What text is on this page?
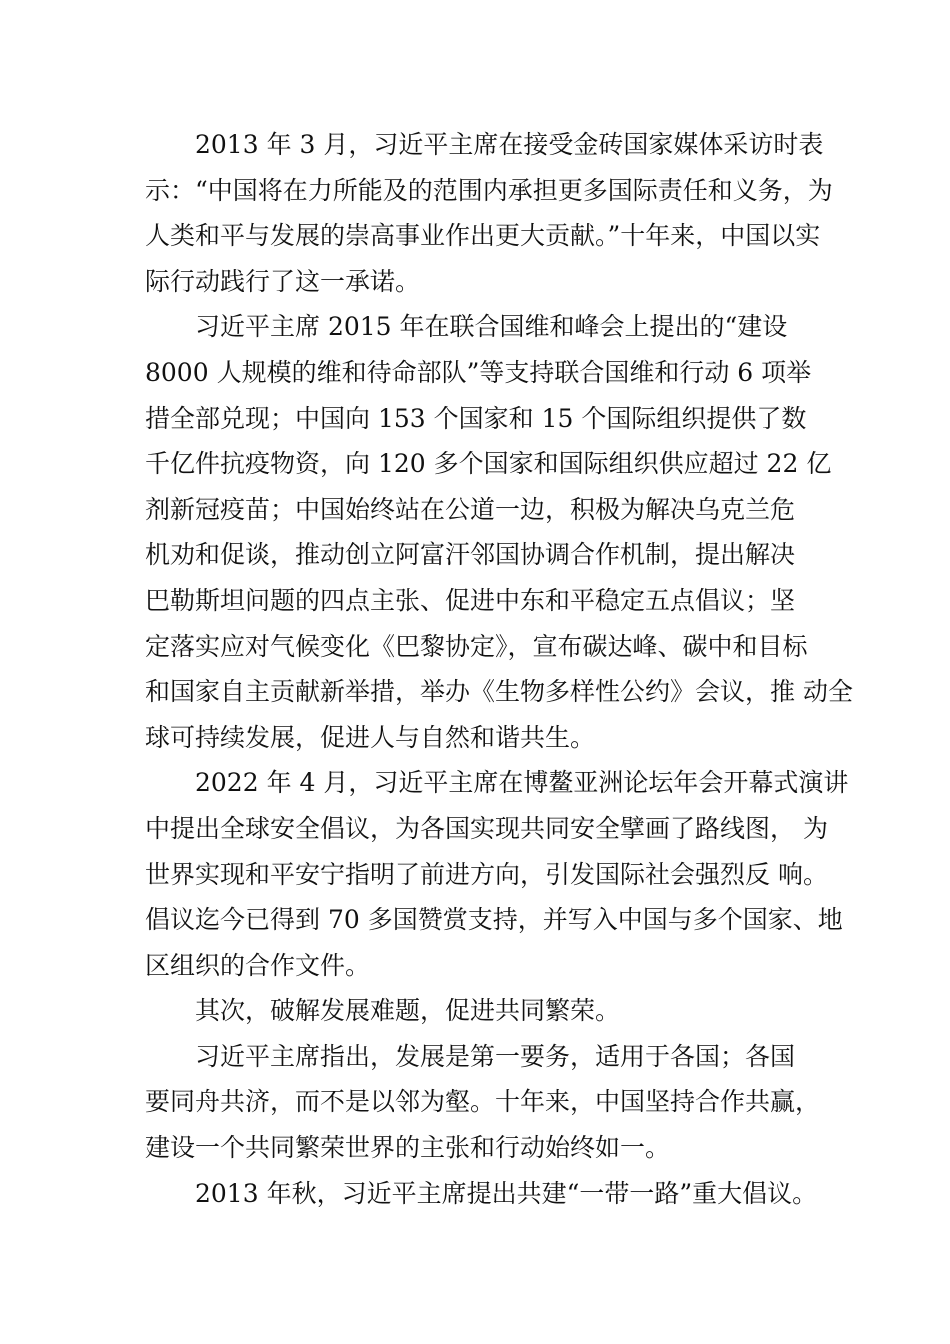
2013 年 3 月，习近平主席在接受金砖国家媒体采访时表
示：“中国将在力所能及的范围内承担更多国际责任和义务，为
人类和平与发展的崇高事业作出更大贡献。”十年来，中国以实
际行动践行了这一承诺。

习近平主席 2015 年在联合国维和峰会上提出的“建设
8000 人规模的维和待命部队”等支持联合国维和行动 6 项举
措全部兑现；中国向 153 个国家和 15 个国际组织提供了数
千亿件抗疫物资，向 120 多个国家和国际组织供应超过 22 亿
剂新冠疫苗；中国始终站在公道一边，积极为解决乌克兰危
机劝和促谈，推动创立阿富汗邻国协调合作机制，提出解决
巴勒斯坦问题的四点主张、促进中东和平稳定五点倡议；坚
定落实应对气候变化《巴黎协定》，宣布碳达峰、碳中和目标
和国家自主贡献新举措，举办《生物多样性公约》会议，推 动全
球可持续发展，促进人与自然和谐共生。

2022 年 4 月，习近平主席在博鳌亚洲论坛年会开幕式演讲
中提出全球安全倡议，为各国实现共同安全擘画了路线图， 为
世界实现和平安宁指明了前进方向，引发国际社会强烈反 响。
倡议迄今已得到 70 多国赞赏支持，并写入中国与多个国家、地
区组织的合作文件。

其次，破解发展难题，促进共同繁荣。

习近平主席指出，发展是第一要务，适用于各国；各国
要同舟共济，而不是以邻为壑。十年来，中国坚持合作共赢，
建设一个共同繁荣世界的主张和行动始终如一。

2013 年秋，习近平主席提出共建“一带一路”重大倡议。
